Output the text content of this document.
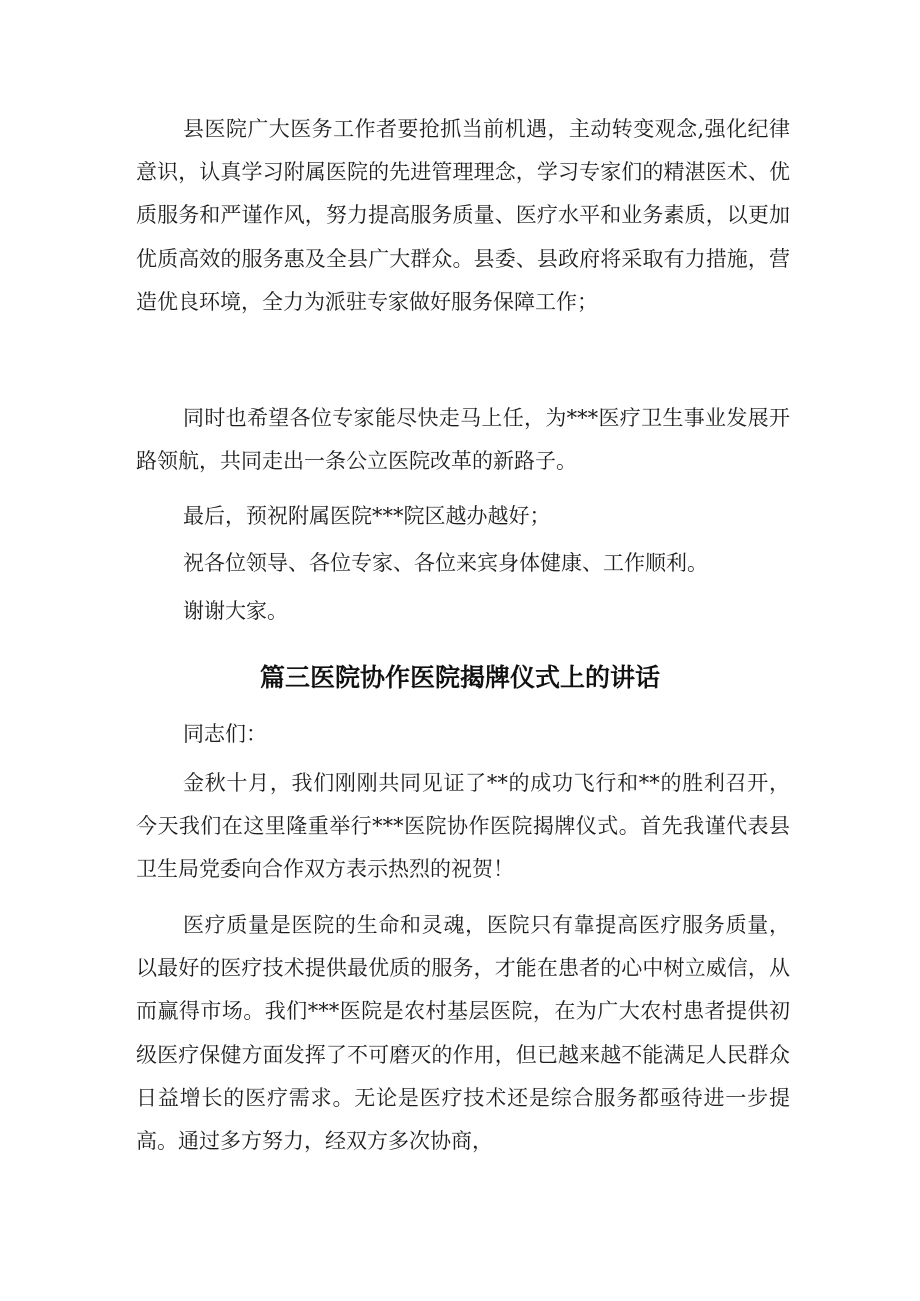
县医院广大医务工作者要抢抓当前机遇，主动转变观念,强化纪律意识，认真学习附属医院的先进管理理念，学习专家们的精湛医术、优质服务和严谨作风，努力提高服务质量、医疗水平和业务素质，以更加优质高效的服务惠及全县广大群众。县委、县政府将采取有力措施，营造优良环境，全力为派驻专家做好服务保障工作；

同时也希望各位专家能尽快走马上任，为***医疗卫生事业发展开路领航，共同走出一条公立医院改革的新路子。

最后，预祝附属医院***院区越办越好；

祝各位领导、各位专家、各位来宾身体健康、工作顺利。

谢谢大家。

篇三医院协作医院揭牌仪式上的讲话

同志们：

金秋十月，我们刚刚共同见证了**的成功飞行和**的胜利召开，今天我们在这里隆重举行***医院协作医院揭牌仪式。首先我谨代表县卫生局党委向合作双方表示热烈的祝贺！

医疗质量是医院的生命和灵魂，医院只有靠提高医疗服务质量，以最好的医疗技术提供最优质的服务，才能在患者的心中树立威信，从而赢得市场。我们***医院是农村基层医院，在为广大农村患者提供初级医疗保健方面发挥了不可磨灭的作用，但已越来越不能满足人民群众日益增长的医疗需求。无论是医疗技术还是综合服务都亟待进一步提高。通过多方努力，经双方多次协商，
